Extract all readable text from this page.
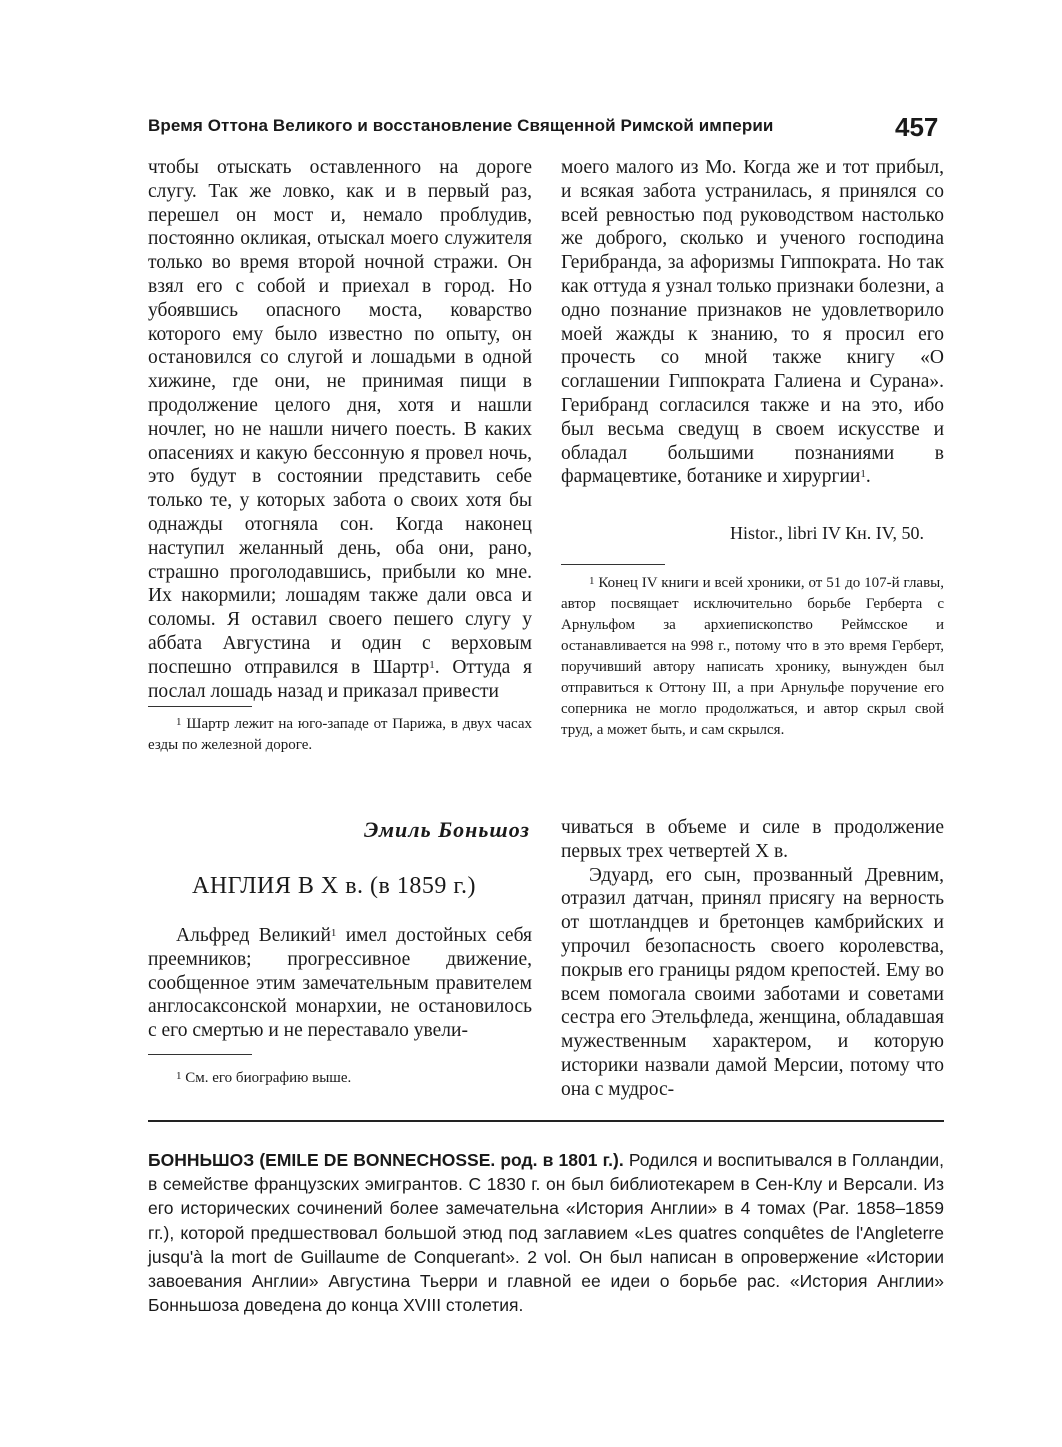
Время Оттона Великого и восстановление Священной Римской империи	457

чтобы отыскать оставленного на дороге слугу. Так же ловко, как и в первый раз, перешел он мост и, немало проблудив, постоянно окликая, отыскал моего служителя только во время второй ночной стражи. Он взял его с собой и приехал в город. Но убоявшись опасного моста, коварство которого ему было известно по опыту, он остановился со слугой и лошадьми в одной хижине, где они, не принимая пищи в продолжение целого дня, хотя и нашли ночлег, но не нашли ничего поесть. В каких опасениях и какую бессонную я провел ночь, это будут в состоянии представить себе только те, у которых забота о своих хотя бы однажды отогняла сон. Когда наконец наступил желанный день, оба они, рано, страшно проголодавшись, прибыли ко мне. Их накормили; лошадям также дали овса и соломы. Я оставил своего пешего слугу у аббата Августина и один с верховым поспешно отправился в Шартр$^1$. Оттуда я послал лошадь назад и приказал привести

$^1$ Шартр лежит на юго-западе от Парижа, в двух часах езды по железной дороге.

моего малого из Мо. Когда же и тот прибыл, и всякая забота устранилась, я принялся со всей ревностью под руководством настолько же доброго, сколько и ученого господина Герибранда, за афоризмы Гиппократа. Но так как оттуда я узнал только признаки болезни, а одно познание признаков не удовлетворило моей жажды к знанию, то я просил его прочесть со мной также книгу «О соглашении Гиппократа Галиена и Сурана». Герибранд согласился также и на это, ибо был весьма сведущ в своем искусстве и обладал большими познаниями в фармацевтике, ботанике и хирургии$^1$.

Histor., libri IV Кн. IV, 50.

$^1$ Конец IV книги и всей хроники, от 51 до 107-й главы, автор посвящает исключительно борьбе Герберта с Арнульфом за архиепископство Реймсское и останавливается на 998 г., потому что в это время Герберт, поручивший автору написать хронику, вынужден был отправиться к Оттону III, а при Арнульфе поручение его соперника не могло продолжаться, и автор скрыл свой труд, а может быть, и сам скрылся.

Эмиль Боньшоз
АНГЛИЯ В X в. (в 1859 г.)

Альфред Великий$^1$ имел достойных себя преемников; прогрессивное движение, сообщенное этим замечательным правителем англосаксонской монархии, не остановилось с его смертью и не переставало увели-

$^1$ См. его биографию выше.

чиваться в объеме и силе в продолжение первых трех четвертей X в.

Эдуард, его сын, прозванный Древним, отразил датчан, принял присягу на верность от шотландцев и бретонцев камбрийских и упрочил безопасность своего королевства, покрыв его границы рядом крепостей. Ему во всем помогала своими заботами и советами сестра его Этельфледа, женщина, обладавшая мужественным характером, и которую историки назвали дамой Мерсии, потому что она с мудрос-

БОННЬШОЗ (EMILE DE BONNECHOSSE. род. в 1801 г.). Родился и воспитывался в Голландии, в семействе французских эмигрантов. С 1830 г. он был библиотекарем в Сен-Клу и Версали. Из его исторических сочинений более замечательна «История Англии» в 4 томах (Par. 1858–1859 гг.), которой предшествовал большой этюд под заглавием «Les quatres conquêtes de l'Angleterre jusqu'à la mort de Guillaume de Conquerant». 2 vol. Он был написан в опровержение «Истории завоевания Англии» Августина Тьерри и главной ее идеи о борьбе рас. «История Англии» Бонньшоза доведена до конца XVIII столетия.
